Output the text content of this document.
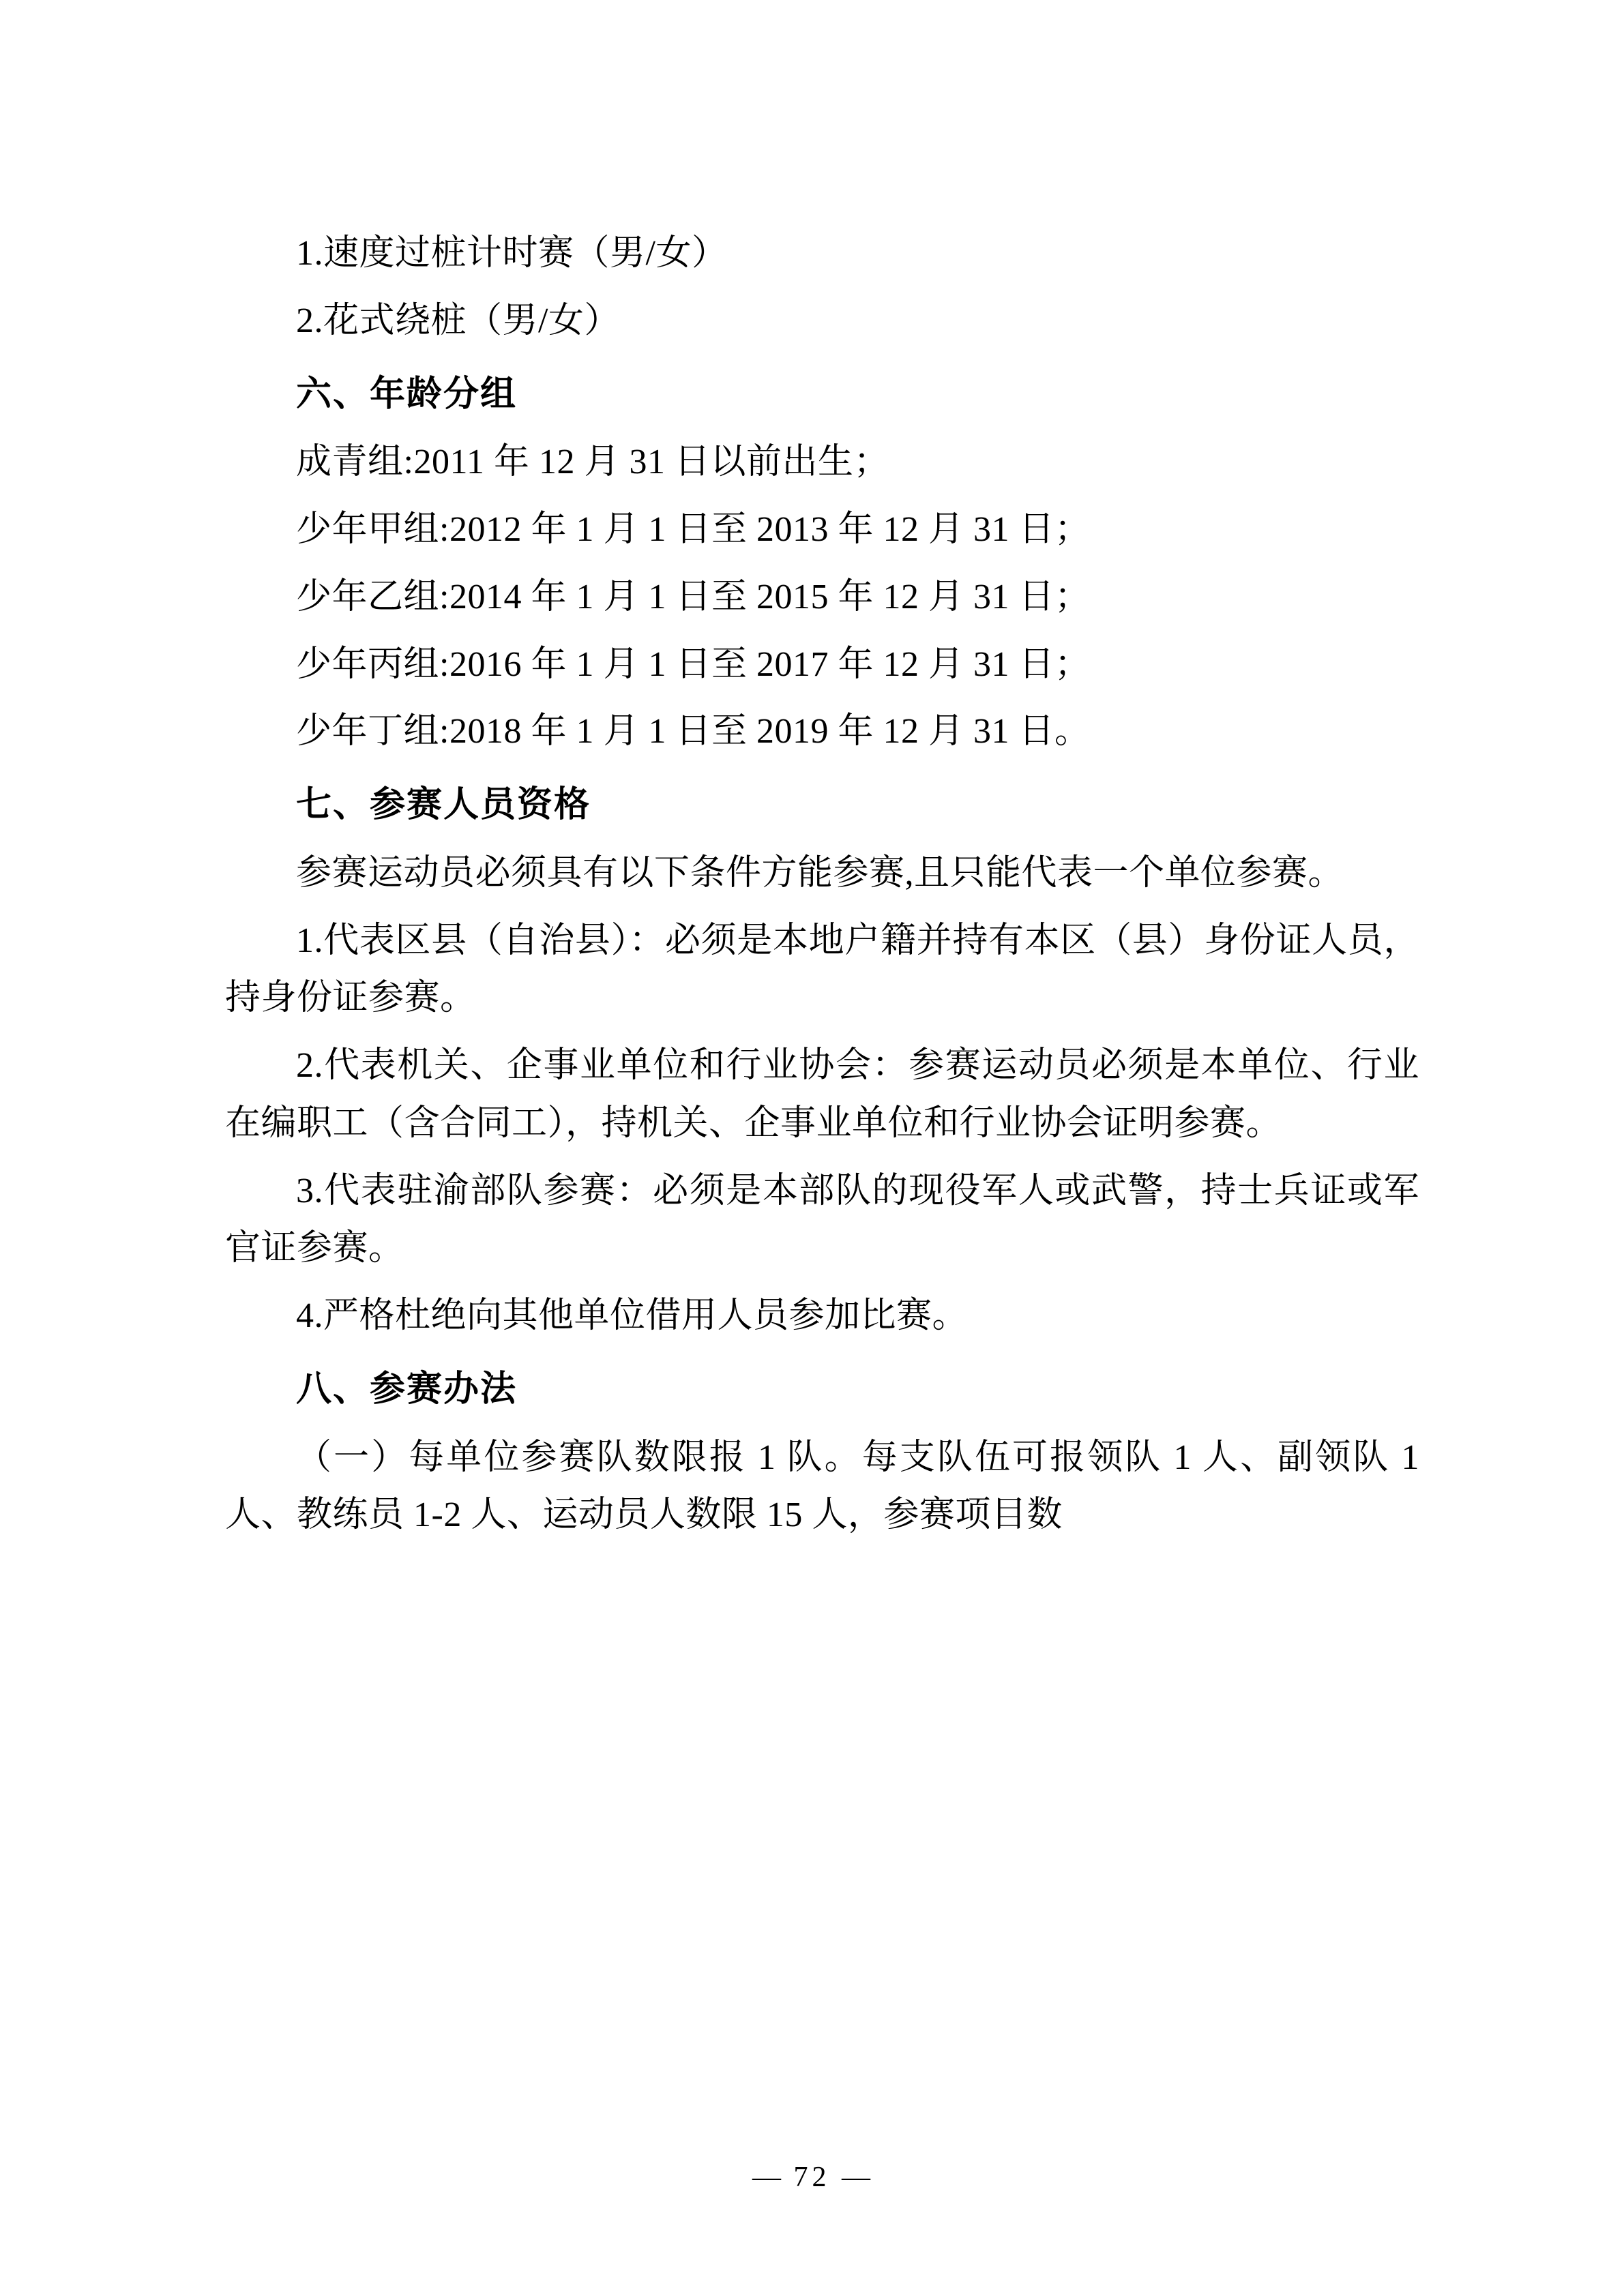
1.速度过桩计时赛（男/女）
2.花式绕桩（男/女）
六、年龄分组
成青组:2011 年 12 月 31 日以前出生；
少年甲组:2012 年 1 月 1 日至 2013 年 12 月 31 日；
少年乙组:2014 年 1 月 1 日至 2015 年 12 月 31 日；
少年丙组:2016 年 1 月 1 日至 2017 年 12 月 31 日；
少年丁组:2018 年 1 月 1 日至 2019 年 12 月 31 日。
七、参赛人员资格

参赛运动员必须具有以下条件方能参赛,且只能代表一个单位参赛。

1.代表区县（自治县）：必须是本地户籍并持有本区（县）身份证人员，持身份证参赛。

2.代表机关、企事业单位和行业协会：参赛运动员必须是本单位、行业在编职工（含合同工），持机关、企事业单位和行业协会证明参赛。

3.代表驻渝部队参赛：必须是本部队的现役军人或武警，持士兵证或军官证参赛。

4.严格杜绝向其他单位借用人员参加比赛。

八、参赛办法

（一）每单位参赛队数限报 1 队。每支队伍可报领队 1 人、副领队 1 人、教练员 1-2 人、运动员人数限 15 人，参赛项目数

— 72 —
